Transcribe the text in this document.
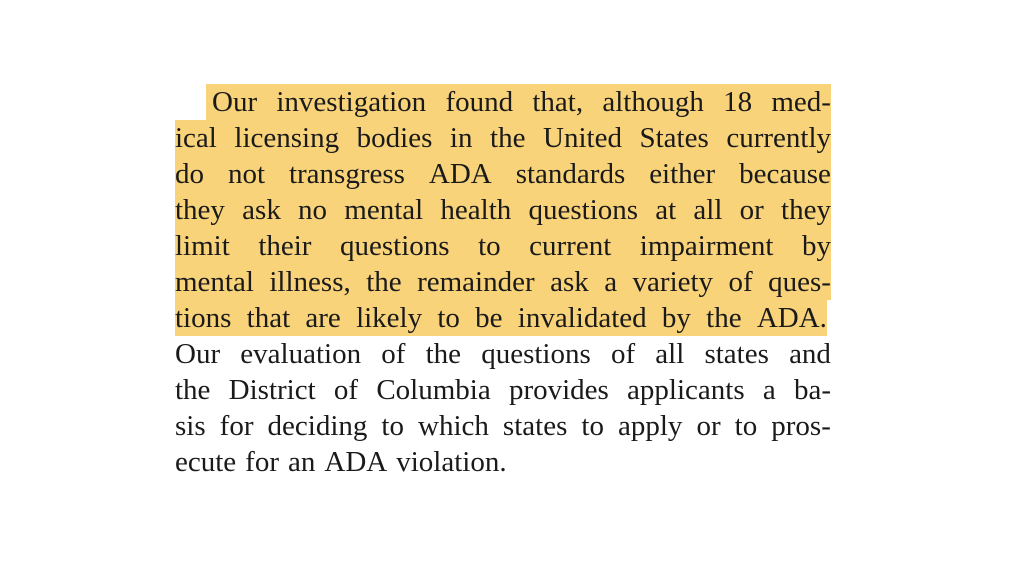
Our investigation found that, although 18 med-
ical licensing bodies in the United States currently
do not transgress ADA standards either because
they ask no mental health questions at all or they
limit their questions to current impairment by
mental illness, the remainder ask a variety of ques-
tions that are likely to be invalidated by the ADA.
Our evaluation of the questions of all states and
the District of Columbia provides applicants a ba-
sis for deciding to which states to apply or to pros-
ecute for an ADA violation.
